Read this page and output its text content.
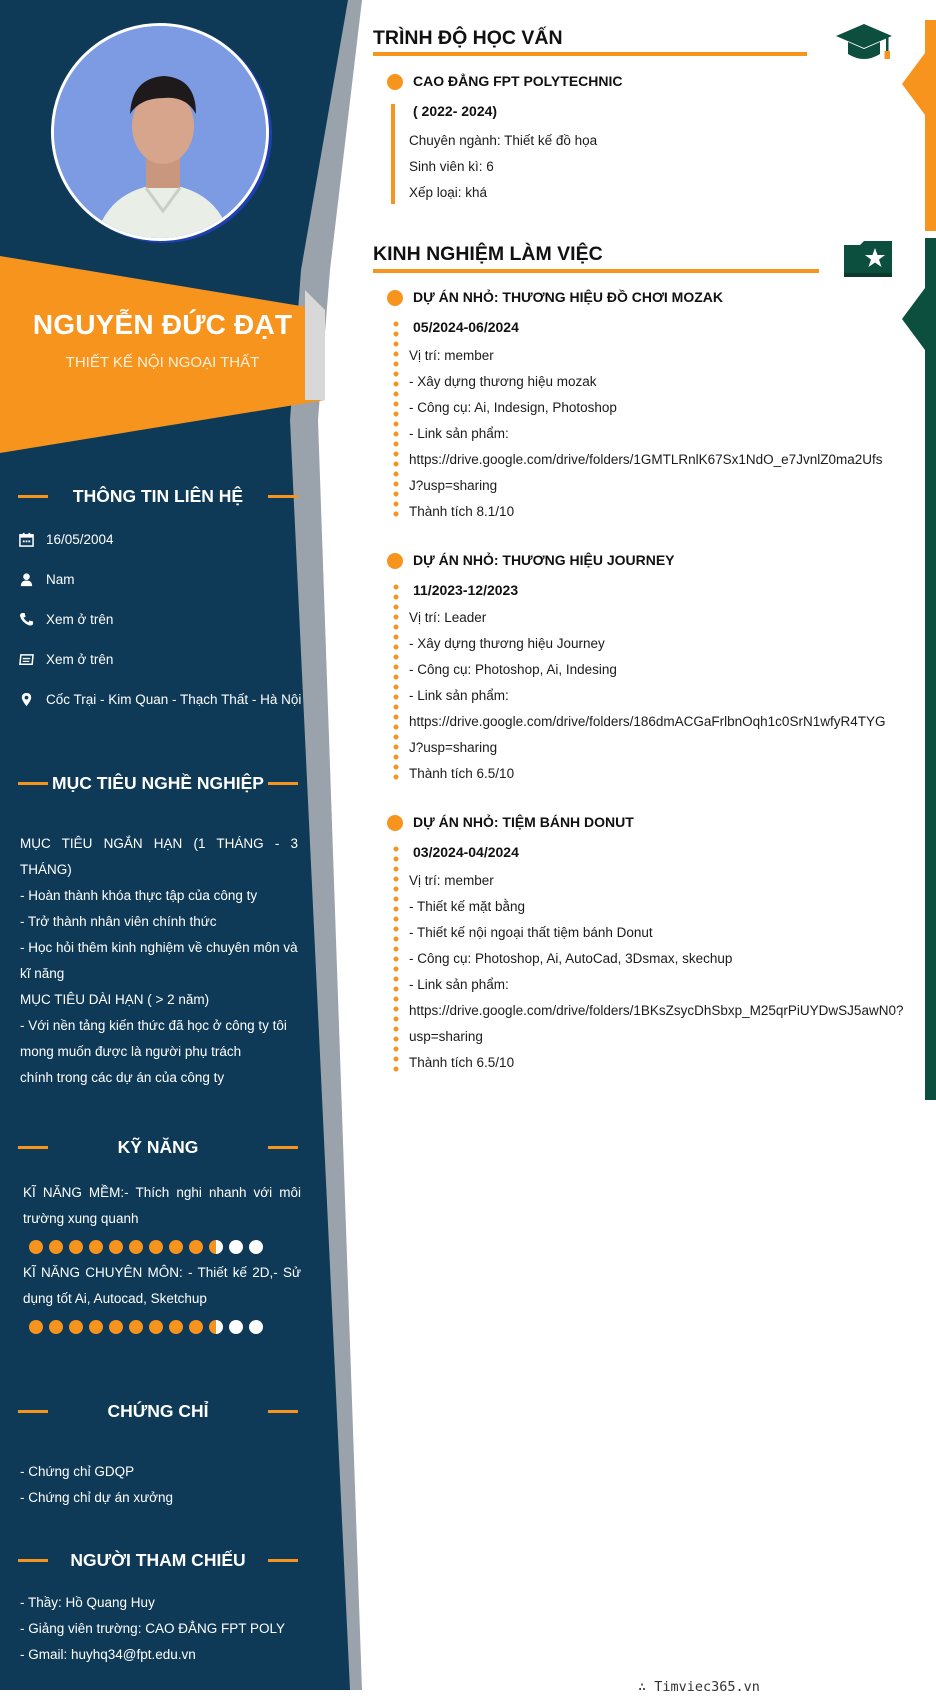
NGUYỄN ĐỨC ĐẠT
THIẾT KẾ NỘI NGOẠI THẤT
THÔNG TIN LIÊN HỆ
16/05/2004
Nam
Xem ở trên
Xem ở trên
Cốc Trại - Kim Quan - Thạch Thất - Hà Nội
MỤC TIÊU NGHỀ NGHIỆP
MỤC TIÊU NGẮN HẠN (1 THÁNG - 3 THÁNG)
- Hoàn thành khóa thực tập của công ty
- Trở thành nhân viên chính thức
- Học hỏi thêm kinh nghiệm về chuyên môn và kĩ năng
MỤC TIÊU DÀI HẠN ( > 2 năm)
- Với nền tảng kiến thức đã học ở công ty tôi mong muốn được là người phụ trách
chính trong các dự án của công ty
KỸ NĂNG
KĨ NĂNG MỀM:- Thích nghi nhanh với môi trường xung quanh
KĨ NĂNG CHUYÊN MÔN: - Thiết kế 2D,- Sử dụng tốt Ai, Autocad, Sketchup
CHỨNG CHỈ
- Chứng chỉ GDQP
- Chứng chỉ dự án xưởng
NGƯỜI THAM CHIẾU
- Thầy: Hồ Quang Huy
- Giảng viên trường: CAO ĐẲNG FPT POLY
- Gmail: huyhq34@fpt.edu.vn
TRÌNH ĐỘ HỌC VẤN
CAO ĐẲNG FPT POLYTECHNIC
( 2022- 2024)
Chuyên ngành: Thiết kế đồ họa
Sinh viên kì: 6
Xếp loại: khá
KINH NGHIỆM LÀM VIỆC
DỰ ÁN NHỎ: THƯƠNG HIỆU ĐỒ CHƠI MOZAK
05/2024-06/2024
Vị trí: member
- Xây dựng thương hiệu mozak
- Công cụ: Ai, Indesign, Photoshop
- Link sản phẩm:
https://drive.google.com/drive/folders/1GMTLRnlK67Sx1NdO_e7JvnlZ0ma2Ufs
J?usp=sharing
Thành tích 8.1/10
DỰ ÁN NHỎ: THƯƠNG HIỆU JOURNEY
11/2023-12/2023
Vị trí: Leader
- Xây dựng thương hiệu Journey
- Công cụ: Photoshop, Ai, Indesing
- Link sản phẩm:
https://drive.google.com/drive/folders/186dmACGaFrlbnOqh1c0SrN1wfyR4TYG
J?usp=sharing
Thành tích 6.5/10
DỰ ÁN NHỎ: TIỆM BÁNH DONUT
03/2024-04/2024
Vị trí: member
- Thiết kế mặt bằng
- Thiết kế nội ngoại thất tiệm bánh Donut
- Công cụ: Photoshop, Ai, AutoCad, 3Dsmax, skechup
- Link sản phẩm:
https://drive.google.com/drive/folders/1BKsZsycDhSbxp_M25qrPiUYDwSJ5awN0?
usp=sharing
Thành tích 6.5/10
∴ Timviec365.vn
